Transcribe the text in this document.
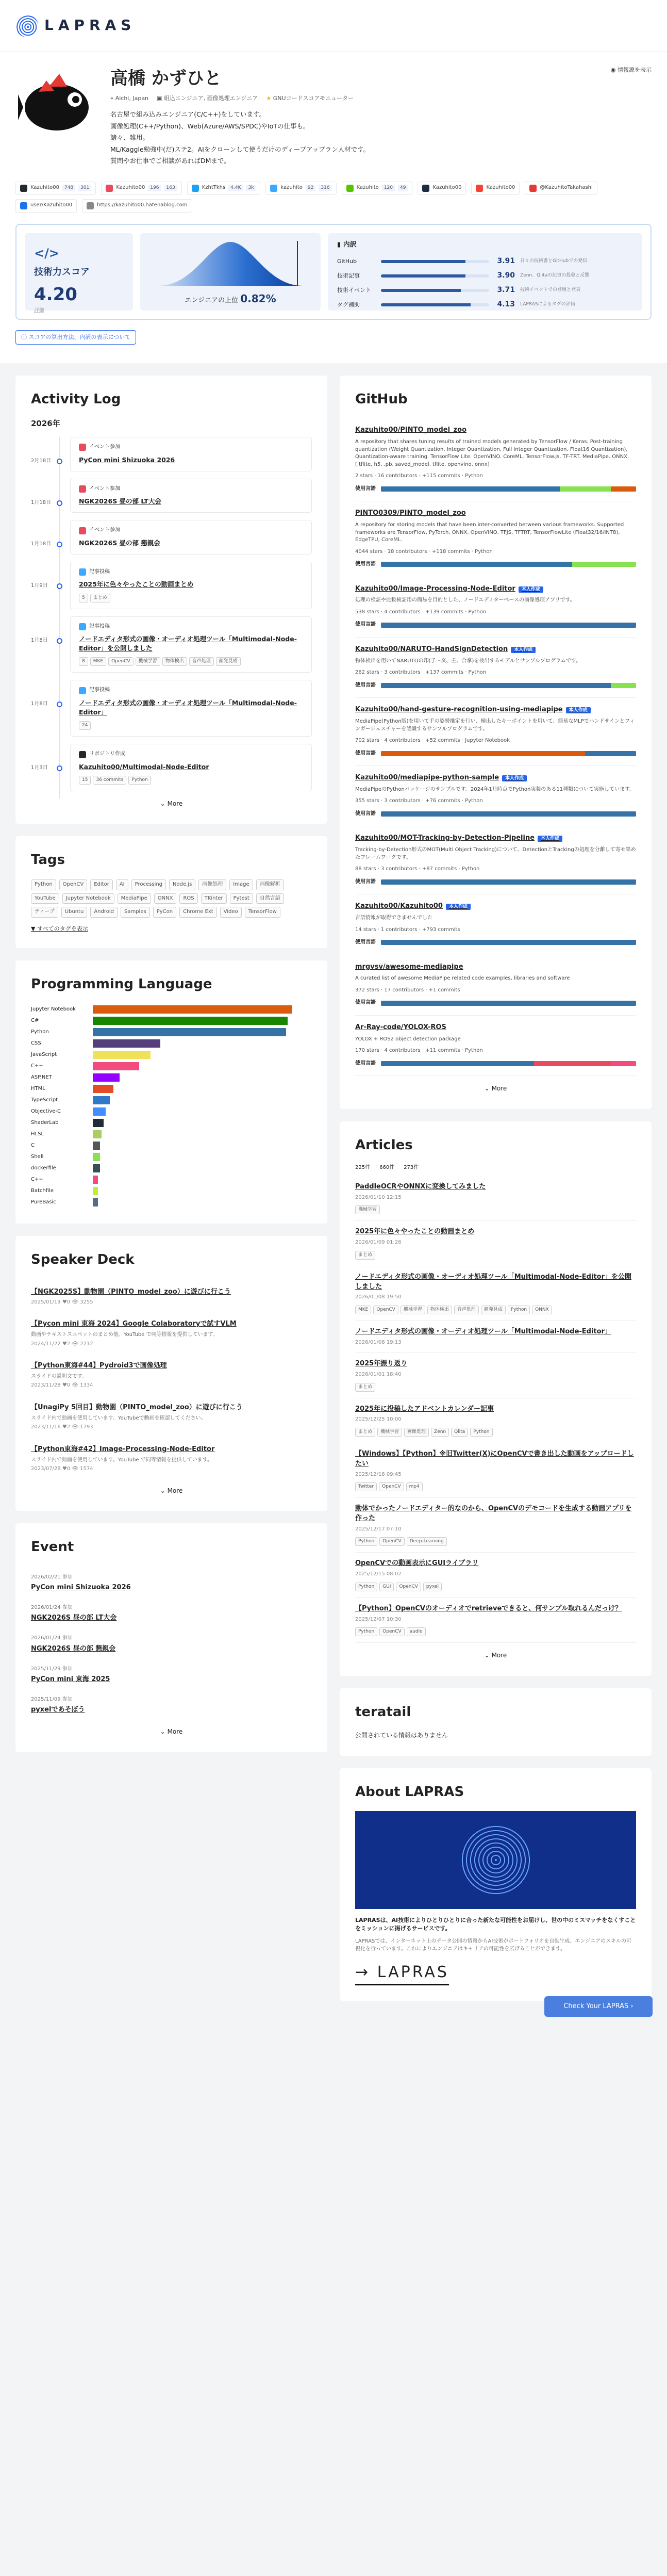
LAPRAS
高橋 かずひと
⌖ Aichi, Japan ▣ 組込エンジニア, 画像処理エンジニア ★ GNUコードスコアモニューター
名古屋で組み込みエンジニア(C/C++)をしています。
画像処理(C++/Python)、Web(Azure/AWS/SPDC)やIoTの仕事も。
諸々、雑用。
ML/Kaggle勉強中(だ)ステ2。AIをクローンして使うだけのディープアップラン人材です。
質問やお仕事でご相談があればDMまで。
◉ 情報源を表示
Kazuhito00	748	301	Kazuhito00	196	163	KzhtTkhs	4.4K	3k	kazuhito	92	316	Kazuhito	120	49	Kazuhito00	Kazuhito00	@KazuhitoTakahashi
user/Kazuhito00	https://kazuhito00.hatenablog.com
</>
技術力スコア
4.20
詳細
エンジニアの上位 0.82%
▮ 内訳
GitHub	3.91	日々の技術書とGitHubでの発信
技術記事	3.90	Zenn、Qiitaの記事の投稿と反響
技術イベント	3.71	技術イベントでの登壇と発表
タグ補助	4.13	LAPRASによるタグの評価
ⓘ スコアの算出方法、内訳の表示について
Activity Log
2026年
2月18日
イベント参加
PyCon mini Shizuoka 2026
1月18日
イベント参加
NGK2026S 昼の部 LT大会
1月18日
イベント参加
NGK2026S 昼の部 懇親会
1月9日
記事投稿
2025年に色々やったことの動画まとめ
5	まとめ
1月8日
記事投稿
ノードエディタ形式の画像・オーディオ処理ツール「Multimodal-Node-Editor」を公開しました
8	MKE	OpenCV	機械学習	物体検出	音声処理	顔発見成
1月8日
記事投稿
ノードエディタ形式の画像・オーディオ処理ツール「Multimodal-Node-Editor」
24
1月3日
リポジトリ作成
Kazuhito00/Multimodal-Node-Editor
15	36 commits	Python
⌄ More
Tags
Python	OpenCV	Editor	AI	Processing	Node.js	画像処理	Image	画像解析
YouTube	Jupyter Notebook	MediaPipe	ONNX	ROS	TKinter	Pytest	自然言語
ディープ	Ubuntu	Android	Samples	PyCon	Chrome Ext	Video	TensorFlow
▼ すべてのタグを表示
Programming Language
Jupyter Notebook
C#
Python
CSS
JavaScript
C++
ASP.NET
HTML
TypeScript
Objective-C
ShaderLab
HLSL
C
Shell
dockerfile
C++
Batchfile
PureBasic
Speaker Deck
【NGK2025S】動物園（PINTO_model_zoo）に遊びに行こう
2025/01/19 ♥0 👁 3255
【Pycon mini 東海 2024】Google Colaboratoryで試すVLM
動画やテキストスニペットのまとめ他。YouTube で同等情報を提供しています。
2024/11/22 ♥2 👁 2212
【Python東海#44】Pydroid3で画像処理
スライドの説明文です。
2023/11/28 ♥0 👁 1334
【UnagiPy 5回目】動物園（PINTO_model_zoo）に遊びに行こう
スライド内で動画を使用しています。YouTubeで動画を確認してください。
2023/11/16 ♥2 👁 1793
【Python東海#42】Image-Processing-Node-Editor
スライド内で動画を使用しています。YouTube で同等情報を提供しています。
2023/07/28 ♥0 👁 1574
⌄ More
Event
2026/02/21 参加
PyCon mini Shizuoka 2026
2026/01/24 参加
NGK2026S 昼の部 LT大会
2026/01/24 参加
NGK2026S 昼の部 懇親会
2025/11/29 参加
PyCon mini 東海 2025
2025/11/09 参加
pyxelであそぼう
⌄ More
GitHub
Kazuhito00/PINTO_model_zoo
A repository that shares tuning results of trained models generated by TensorFlow / Keras. Post-training quantization (Weight Quantization, Integer Quantization, Full Integer Quantization, Float16 Quantization), Quantization-aware training. TensorFlow Lite. OpenVINO. CoreML. TensorFlow.js. TF-TRT. MediaPipe. ONNX. [.tflite, h5, .pb, saved_model, tflite, openvino, onnx]
2 stars · 16 contributors · +115 commits · Python
使用言語
PINTO0309/PINTO_model_zoo
A repository for storing models that have been inter-converted between various frameworks. Supported frameworks are TensorFlow, PyTorch, ONNX, OpenVINO, TFJS, TFTRT, TensorFlowLite (Float32/16/INT8), EdgeTPU, CoreML.
4044 stars · 18 contributors · +118 commits · Python
使用言語
Kazuhito00/Image-Processing-Node-Editor 本人作成
処理の検証や比較検証用の簡易を目的とした、ノードエディターベースの画像処理アプリです。
538 stars · 4 contributors · +139 commits · Python
使用言語
Kazuhito00/NARUTO-HandSignDetection 本人作成
物体検出を用いてNARUTOの印(子〜亥、壬、合掌)を検出するモデルとサンプルプログラムです。
262 stars · 3 contributors · +137 commits · Python
使用言語
Kazuhito00/hand-gesture-recognition-using-mediapipe 本人作成
MediaPipe(Python版)を用いて手の姿勢推定を行い、検出したキーポイントを用いて、簡易なMLPでハンドサインとフィンガージェスチャーを認識するサンプルプログラムです。
702 stars · 4 contributors · +52 commits · Jupyter Notebook
使用言語
Kazuhito00/mediapipe-python-sample 本人作成
MediaPipeのPythonパッケージのサンプルです。2024年1月時点でPython実装のある11種類について実施しています。
355 stars · 3 contributors · +76 commits · Python
使用言語
Kazuhito00/MOT-Tracking-by-Detection-Pipeline 本人作成
Tracking-by-Detection形式のMOT(Multi Object Tracking)について、DetectionとTrackingの処理を分離して寄せ集めたフレームワークです。
88 stars · 3 contributors · +87 commits · Python
使用言語
Kazuhito00/Kazuhito00 本人作成
言語情報が取得できませんでした
14 stars · 1 contributors · +793 commits
使用言語
mrgvsv/awesome-mediapipe
A curated list of awesome MediaPipe related code examples, libraries and software
372 stars · 17 contributors · +1 commits
使用言語
Ar-Ray-code/YOLOX-ROS
YOLOX + ROS2 object detection package
170 stars · 4 contributors · +11 commits · Python
使用言語
⌄ More
Articles
225件 660件 273件
PaddleOCRやONNXに変換してみました
2026/01/10 12:15
機械学習
2025年に色々やったことの動画まとめ
2026/01/09 01:26
まとめ
ノードエディタ形式の画像・オーディオ処理ツール「Multimodal-Node-Editor」を公開しました
2026/01/08 19:50
MKE	OpenCV	機械学習	物体検出	音声処理	顔発見成	Python	ONNX
ノードエディタ形式の画像・オーディオ処理ツール「Multimodal-Node-Editor」
2026/01/08 19:13
2025年振り返り
2026/01/01 18:40
まとめ
2025年に投稿したアドベントカレンダー記事
2025/12/25 10:00
まとめ	機械学習	画像処理	Zenn	Qiita	Python
【Windows】【Python】※旧Twitter(X)にOpenCVで書き出した動画をアップロードしたい
2025/12/18 09:45
Twitter	OpenCV	mp4
動体でかったノードエディター的なのから、OpenCVのデモコードを生成する動画アプリを作った
2025/12/17 07:10
Python	OpenCV	Deep-Learning
OpenCVでの動画表示にGUIライブラリ
2025/12/15 08:02
Python	GUI	OpenCV	pyxel
【Python】OpenCVのオーディオでretrieveできると、何サンプル取れるんだっけ？
2025/12/07 10:30
Python	OpenCV	audio
⌄ More
teratail
公開されている情報はありません
About LAPRAS
LAPRASは、AI技術によりひとりひとりに合った新たな可能性をお届けし、世の中のミスマッチをなくすことをミッションに掲げるサービスです。
LAPRASでは、インターネット上のデータ公開の情報からAI技術がポートフォリオを自動生成、エンジニアのスキルの可視化を行っています。これによりエンジニアはキャリアの可能性を広げることができます。
→ LAPRAS
Check Your LAPRAS ›
